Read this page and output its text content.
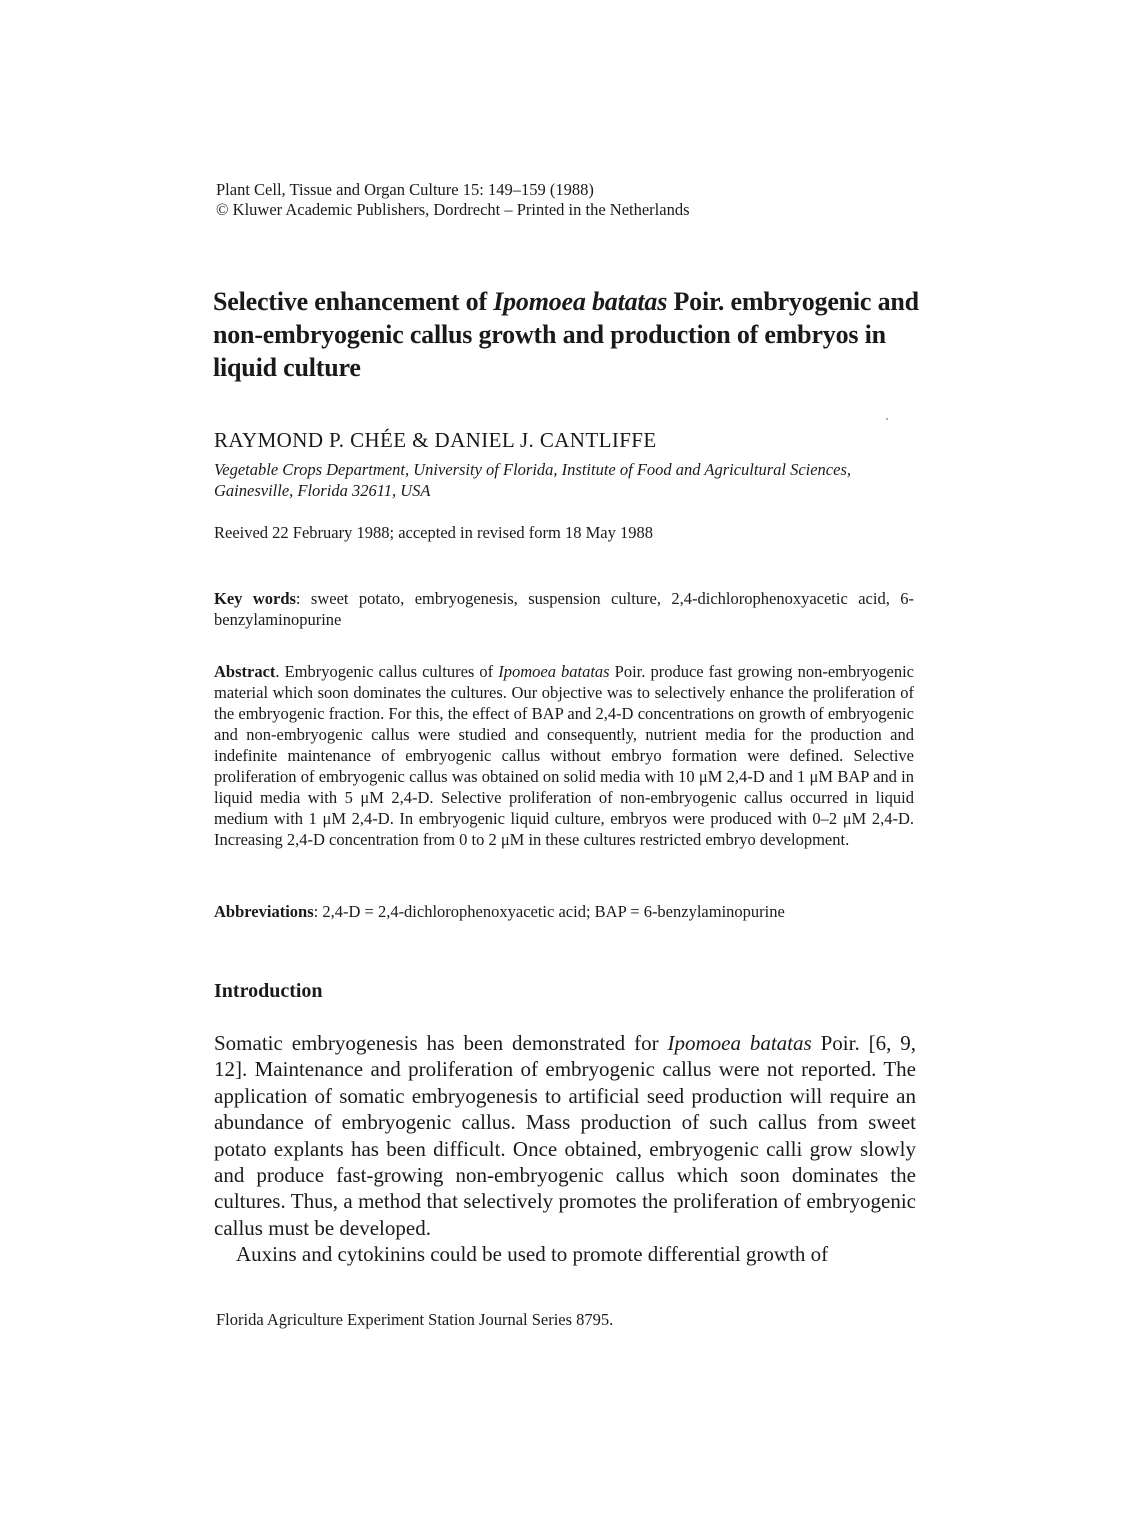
Plant Cell, Tissue and Organ Culture 15: 149–159 (1988)
© Kluwer Academic Publishers, Dordrecht – Printed in the Netherlands
Selective enhancement of Ipomoea batatas Poir. embryogenic and non-embryogenic callus growth and production of embryos in liquid culture
RAYMOND P. CHÉE & DANIEL J. CANTLIFFE
Vegetable Crops Department, University of Florida, Institute of Food and Agricultural Sciences, Gainesville, Florida 32611, USA
Reeived 22 February 1988; accepted in revised form 18 May 1988
Key words: sweet potato, embryogenesis, suspension culture, 2,4-dichlorophenoxyacetic acid, 6-benzylaminopurine
Abstract. Embryogenic callus cultures of Ipomoea batatas Poir. produce fast growing non-embryogenic material which soon dominates the cultures. Our objective was to selectively enhance the proliferation of the embryogenic fraction. For this, the effect of BAP and 2,4-D concentrations on growth of embryogenic and non-embryogenic callus were studied and consequently, nutrient media for the production and indefinite maintenance of embryogenic callus without embryo formation were defined. Selective proliferation of embryogenic callus was obtained on solid media with 10 μM 2,4-D and 1 μM BAP and in liquid media with 5 μM 2,4-D. Selective proliferation of non-embryogenic callus occurred in liquid medium with 1 μM 2,4-D. In embryogenic liquid culture, embryos were produced with 0–2 μM 2,4-D. Increasing 2,4-D concentration from 0 to 2 μM in these cultures restricted embryo development.
Abbreviations: 2,4-D = 2,4-dichlorophenoxyacetic acid; BAP = 6-benzylaminopurine
Introduction

Somatic embryogenesis has been demonstrated for Ipomoea batatas Poir. [6, 9, 12]. Maintenance and proliferation of embryogenic callus were not reported. The application of somatic embryogenesis to artificial seed production will require an abundance of embryogenic callus. Mass production of such callus from sweet potato explants has been difficult. Once obtained, embryogenic calli grow slowly and produce fast-growing non-embryogenic callus which soon dominates the cultures. Thus, a method that selectively promotes the proliferation of embryogenic callus must be developed.

Auxins and cytokinins could be used to promote differential growth of

Florida Agriculture Experiment Station Journal Series 8795.
